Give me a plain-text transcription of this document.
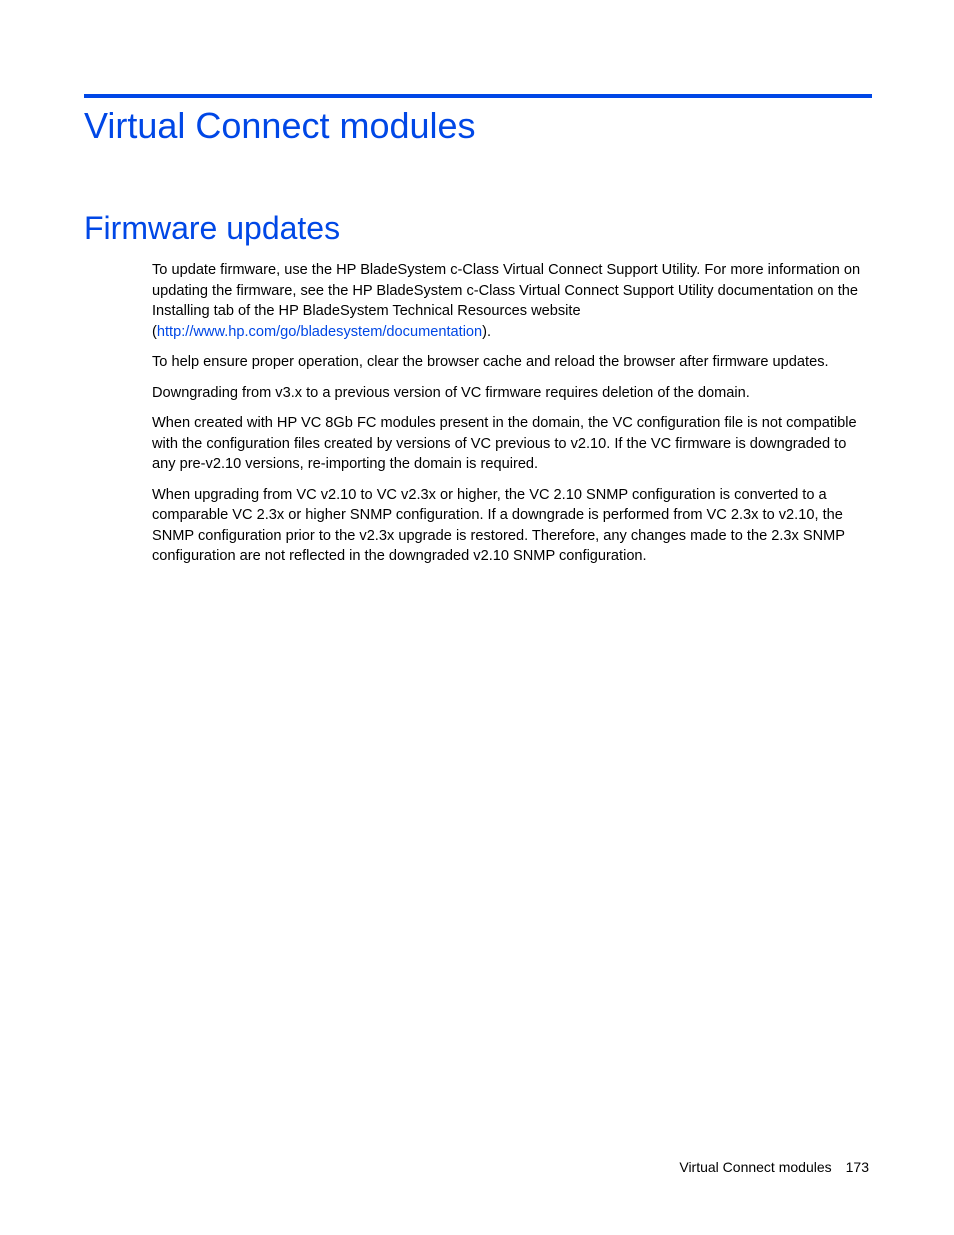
Virtual Connect modules
Firmware updates

To update firmware, use the HP BladeSystem c-Class Virtual Connect Support Utility. For more information on updating the firmware, see the HP BladeSystem c-Class Virtual Connect Support Utility documentation on the Installing tab of the HP BladeSystem Technical Resources website (http://www.hp.com/go/bladesystem/documentation).

To help ensure proper operation, clear the browser cache and reload the browser after firmware updates.

Downgrading from v3.x to a previous version of VC firmware requires deletion of the domain.

When created with HP VC 8Gb FC modules present in the domain, the VC configuration file is not compatible with the configuration files created by versions of VC previous to v2.10. If the VC firmware is downgraded to any pre-v2.10 versions, re-importing the domain is required.

When upgrading from VC v2.10 to VC v2.3x or higher, the VC 2.10 SNMP configuration is converted to a comparable VC 2.3x or higher SNMP configuration. If a downgrade is performed from VC 2.3x to v2.10, the SNMP configuration prior to the v2.3x upgrade is restored. Therefore, any changes made to the 2.3x SNMP configuration are not reflected in the downgraded v2.10 SNMP configuration.

Virtual Connect modules 173
